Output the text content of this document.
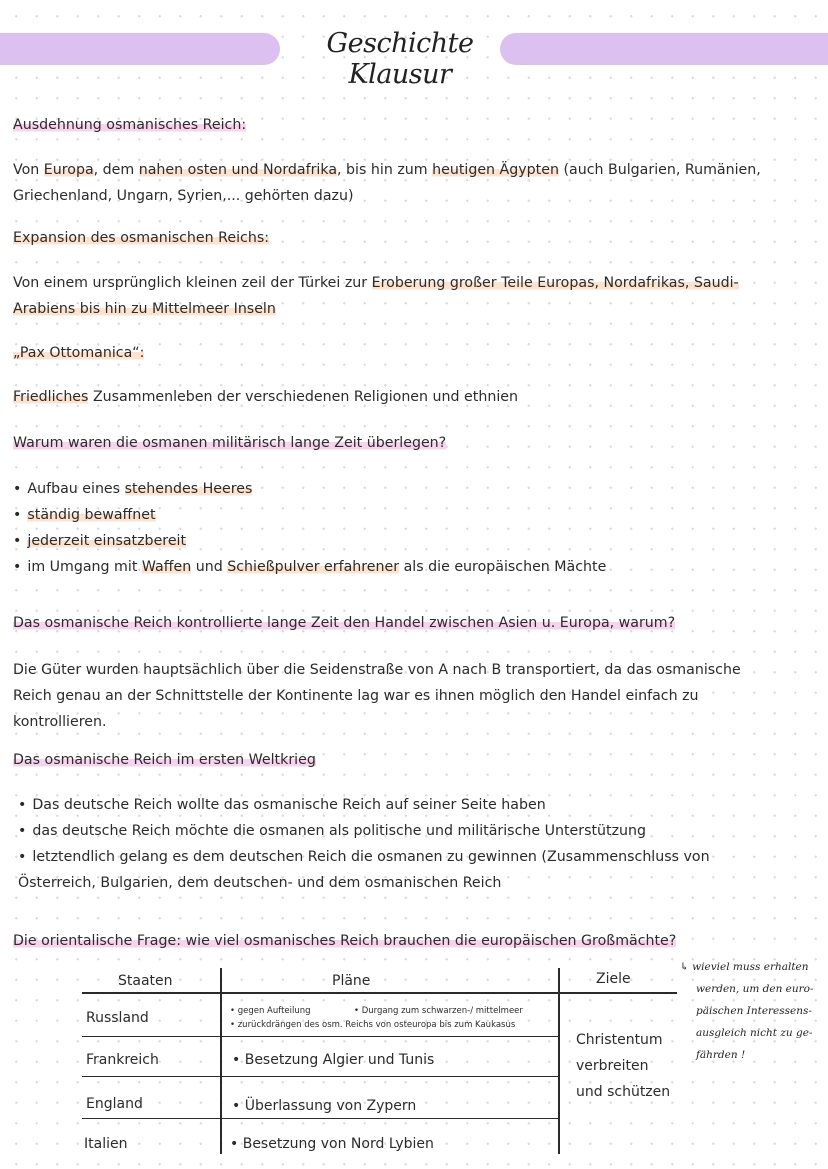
Geschichte Klausur
Ausdehnung osmanisches Reich:
Von Europa, dem nahen osten und Nordafrika, bis hin zum heutigen Ägypten (auch Bulgarien, Rumänien,
Griechenland, Ungarn, Syrien,... gehörten dazu)
Expansion des osmanischen Reichs:
Von einem ursprünglich kleinen zeil der Türkei zur Eroberung großer Teile Europas, Nordafrikas, Saudi-
Arabiens bis hin zu Mittelmeer Inseln
„Pax Ottomanica“:
Friedliches Zusammenleben der verschiedenen Religionen und ethnien
Warum waren die osmanen militärisch lange Zeit überlegen?
• Aufbau eines stehendes Heeres
• ständig bewaffnet
• jederzeit einsatzbereit
• im Umgang mit Waffen und Schießpulver erfahrener als die europäischen Mächte
Das osmanische Reich kontrollierte lange Zeit den Handel zwischen Asien u. Europa, warum?
Die Güter wurden hauptsächlich über die Seidenstraße von A nach B transportiert, da das osmanische
Reich genau an der Schnittstelle der Kontinente lag war es ihnen möglich den Handel einfach zu
kontrollieren.
Das osmanische Reich im ersten Weltkrieg
• Das deutsche Reich wollte das osmanische Reich auf seiner Seite haben
• das deutsche Reich möchte die osmanen als politische und militärische Unterstützung
• letztendlich gelang es dem deutschen Reich die osmanen zu gewinnen (Zusammenschluss von
Österreich, Bulgarien, dem deutschen- und dem osmanischen Reich
Die orientalische Frage: wie viel osmanisches Reich brauchen die europäischen Großmächte?
Staaten	Pläne	Ziele
Russland	• gegen Aufteilung	• Durgang zum schwarzen-/ mittelmeer
• zurückdrängen des osm. Reichs von osteuropa bis zum Kaukasus
Frankreich	• Besetzung Algier und Tunis
England	• Überlassung von Zypern
Italien	• Besetzung von Nord Lybien
Christentum
verbreiten
und schützen
↳ wieviel muss erhalten
werden, um den euro-
päischen Interessens-
ausgleich nicht zu ge-
fährden !
